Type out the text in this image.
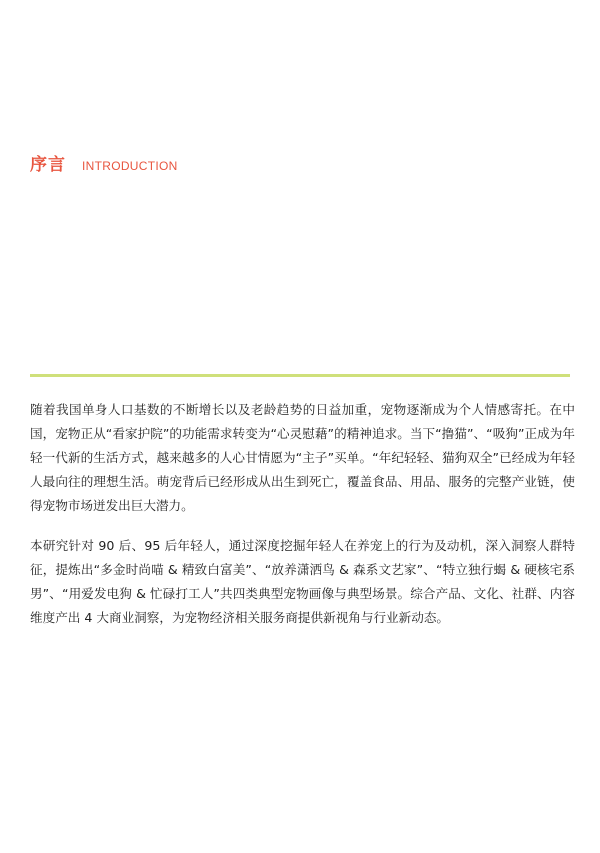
序言 INTRODUCTION

随着我国单身人口基数的不断增长以及老龄趋势的日益加重，宠物逐渐成为个人情感寄托。在中国，宠物正从“看家护院”的功能需求转变为“心灵慰藉”的精神追求。当下“撸猫”、“吸狗”正成为年轻一代新的生活方式，越来越多的人心甘情愿为“主子”买单。“年纪轻轻、猫狗双全”已经成为年轻人最向往的理想生活。萌宠背后已经形成从出生到死亡，覆盖食品、用品、服务的完整产业链，使得宠物市场迸发出巨大潜力。

本研究针对 90 后、95 后年轻人，通过深度挖掘年轻人在养宠上的行为及动机，深入洞察人群特征，提炼出“多金时尚喵 & 精致白富美”、“放养潇洒鸟 & 森系文艺家”、“特立独行蝎 & 硬核宅系男”、“用爱发电狗 & 忙碌打工人”共四类典型宠物画像与典型场景。综合产品、文化、社群、内容维度产出 4 大商业洞察，为宠物经济相关服务商提供新视角与行业新动态。
